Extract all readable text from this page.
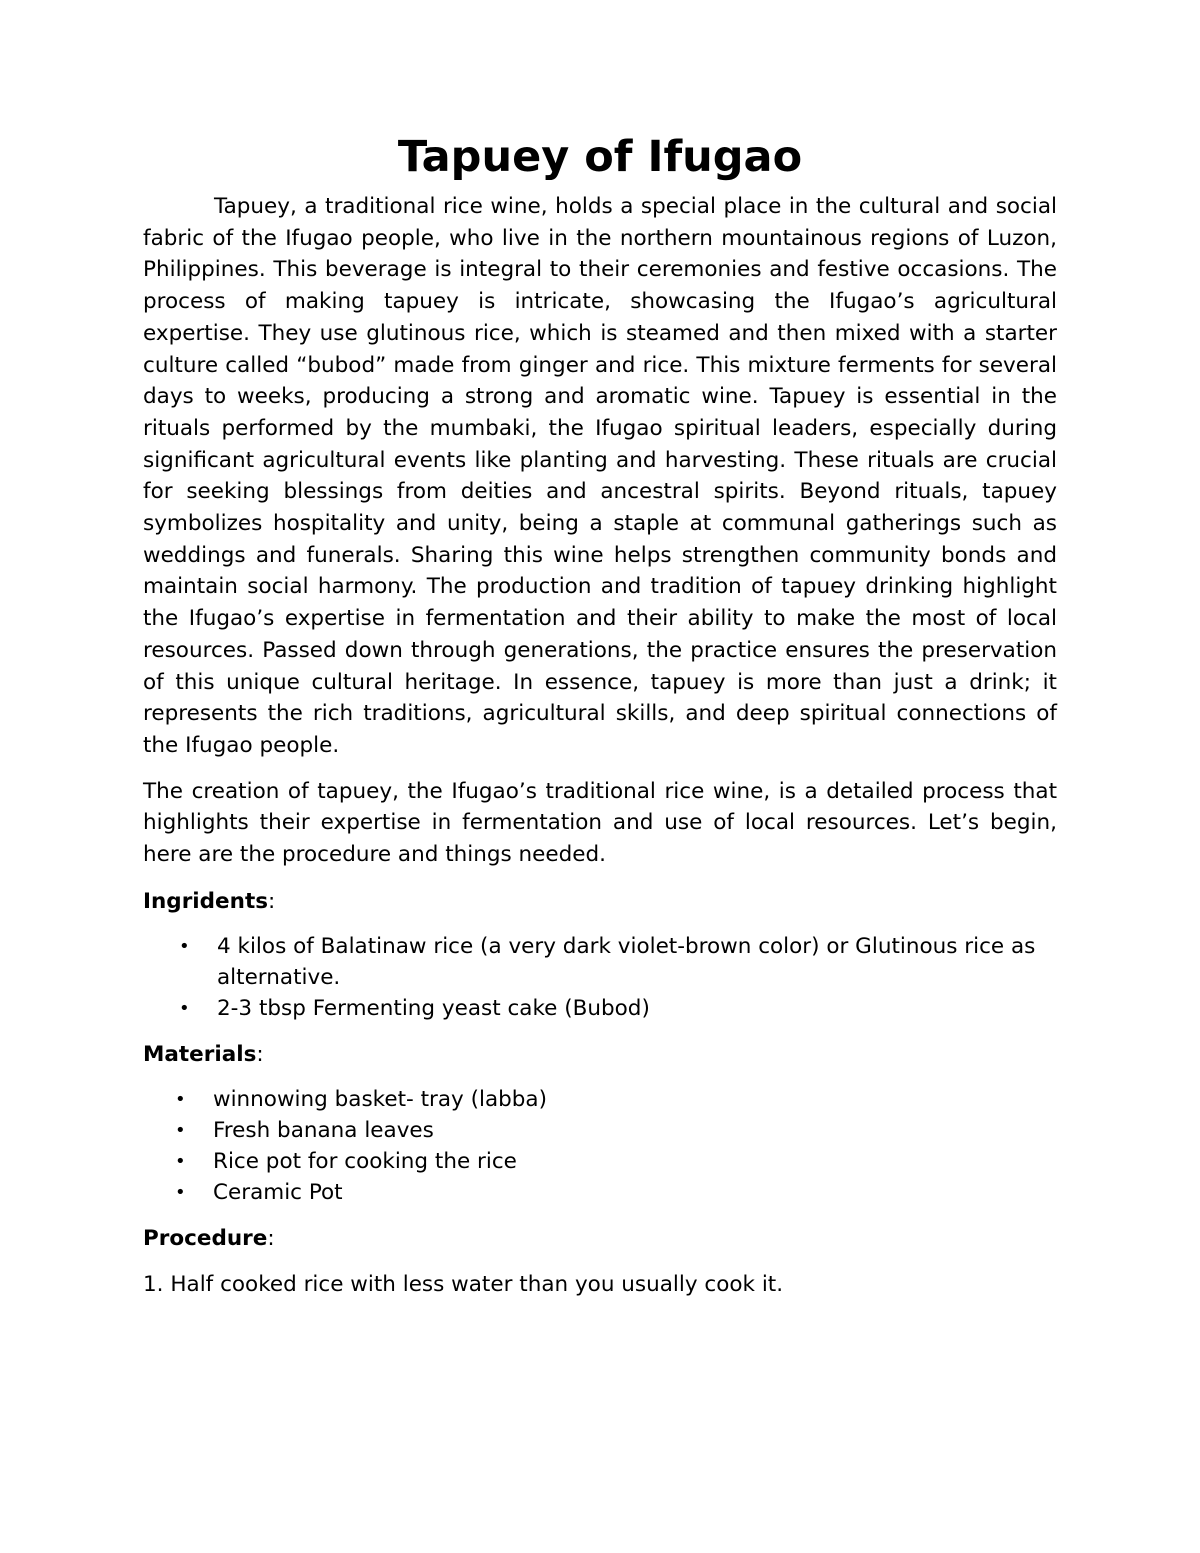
Tapuey of Ifugao

Tapuey, a traditional rice wine, holds a special place in the cultural and social fabric of the Ifugao people, who live in the northern mountainous regions of Luzon, Philippines. This beverage is integral to their ceremonies and festive occasions. The process of making tapuey is intricate, showcasing the Ifugao’s agricultural expertise. They use glutinous rice, which is steamed and then mixed with a starter culture called “bubod” made from ginger and rice. This mixture ferments for several days to weeks, producing a strong and aromatic wine. Tapuey is essential in the rituals performed by the mumbaki, the Ifugao spiritual leaders, especially during significant agricultural events like planting and harvesting. These rituals are crucial for seeking blessings from deities and ancestral spirits. Beyond rituals, tapuey symbolizes hospitality and unity, being a staple at communal gatherings such as weddings and funerals. Sharing this wine helps strengthen community bonds and maintain social harmony. The production and tradition of tapuey drinking highlight the Ifugao’s expertise in fermentation and their ability to make the most of local resources. Passed down through generations, the practice ensures the preservation of this unique cultural heritage. In essence, tapuey is more than just a drink; it represents the rich traditions, agricultural skills, and deep spiritual connections of the Ifugao people.

The creation of tapuey, the Ifugao’s traditional rice wine, is a detailed process that highlights their expertise in fermentation and use of local resources. Let’s begin, here are the procedure and things needed.

Ingridents:

• 4 kilos of Balatinaw rice (a very dark violet-brown color) or Glutinous rice as alternative.
• 2-3 tbsp Fermenting yeast cake (Bubod)

Materials:

• winnowing basket- tray (labba)
• Fresh banana leaves
• Rice pot for cooking the rice
• Ceramic Pot

Procedure:

1. Half cooked rice with less water than you usually cook it.
